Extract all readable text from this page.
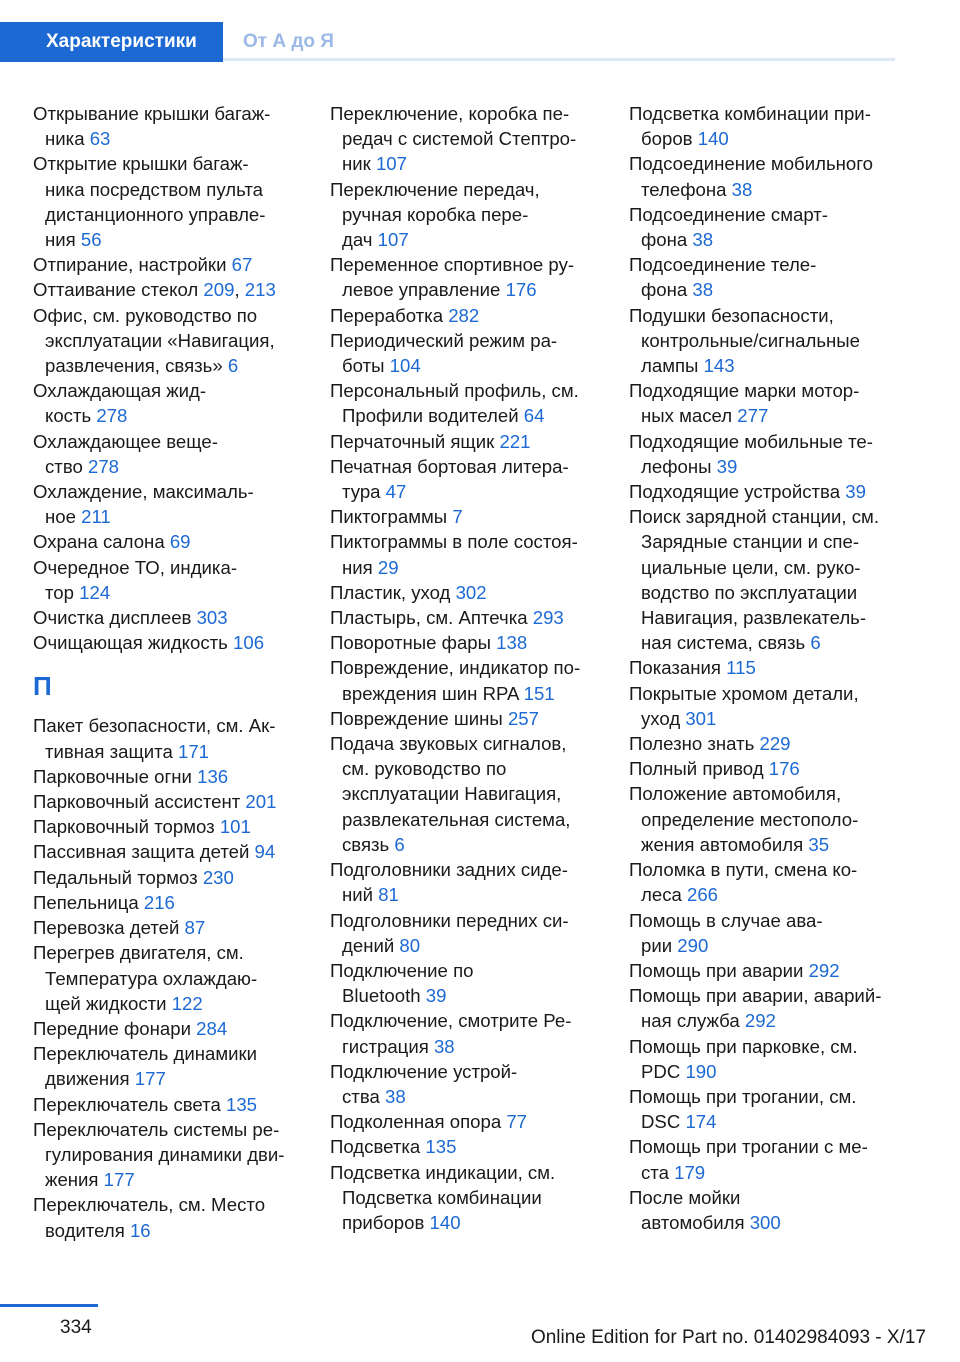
Характеристики	От А до Я
Открывание крышки багаж-
ника 63
Открытие крышки багаж-
ника посредством пульта
дистанционного управле-
ния 56
Отпирание, настройки 67
Оттаивание стекол 209, 213
Офис, см. руководство по
эксплуатации «Навигация,
развлечения, связь» 6
Охлаждающая жид-
кость 278
Охлаждающее веще-
ство 278
Охлаждение, максималь-
ное 211
Охрана салона 69
Очередное ТО, индика-
тор 124
Очистка дисплеев 303
Очищающая жидкость 106
П
Пакет безопасности, см. Ак-
тивная защита 171
Парковочные огни 136
Парковочный ассистент 201
Парковочный тормоз 101
Пассивная защита детей 94
Педальный тормоз 230
Пепельница 216
Перевозка детей 87
Перегрев двигателя, см.
Температура охлаждаю-
щей жидкости 122
Передние фонари 284
Переключатель динамики
движения 177
Переключатель света 135
Переключатель системы ре-
гулирования динамики дви-
жения 177
Переключатель, см. Место
водителя 16
Переключение, коробка пе-
редач с системой Стептро-
ник 107
Переключение передач,
ручная коробка пере-
дач 107
Переменное спортивное ру-
левое управление 176
Переработка 282
Периодический режим ра-
боты 104
Персональный профиль, см.
Профили водителей 64
Перчаточный ящик 221
Печатная бортовая литера-
тура 47
Пиктограммы 7
Пиктограммы в поле состоя-
ния 29
Пластик, уход 302
Пластырь, см. Аптечка 293
Поворотные фары 138
Повреждение, индикатор по-
вреждения шин RPA 151
Повреждение шины 257
Подача звуковых сигналов,
см. руководство по
эксплуатации Навигация,
развлекательная система,
связь 6
Подголовники задних сиде-
ний 81
Подголовники передних си-
дений 80
Подключение по
Bluetooth 39
Подключение, смотрите Ре-
гистрация 38
Подключение устрой-
ства 38
Подколенная опора 77
Подсветка 135
Подсветка индикации, см.
Подсветка комбинации
приборов 140
Подсветка комбинации при-
боров 140
Подсоединение мобильного
телефона 38
Подсоединение смарт-
фона 38
Подсоединение теле-
фона 38
Подушки безопасности,
контрольные/сигнальные
лампы 143
Подходящие марки мотор-
ных масел 277
Подходящие мобильные те-
лефоны 39
Подходящие устройства 39
Поиск зарядной станции, см.
Зарядные станции и спе-
циальные цели, см. руко-
водство по эксплуатации
Навигация, развлекатель-
ная система, связь 6
Показания 115
Покрытые хромом детали,
уход 301
Полезно знать 229
Полный привод 176
Положение автомобиля,
определение местополо-
жения автомобиля 35
Поломка в пути, смена ко-
леса 266
Помощь в случае ава-
рии 290
Помощь при аварии 292
Помощь при аварии, аварий-
ная служба 292
Помощь при парковке, см.
PDC 190
Помощь при трогании, см.
DSC 174
Помощь при трогании с ме-
ста 179
После мойки
автомобиля 300
334	Online Edition for Part no. 01402984093 - X/17
